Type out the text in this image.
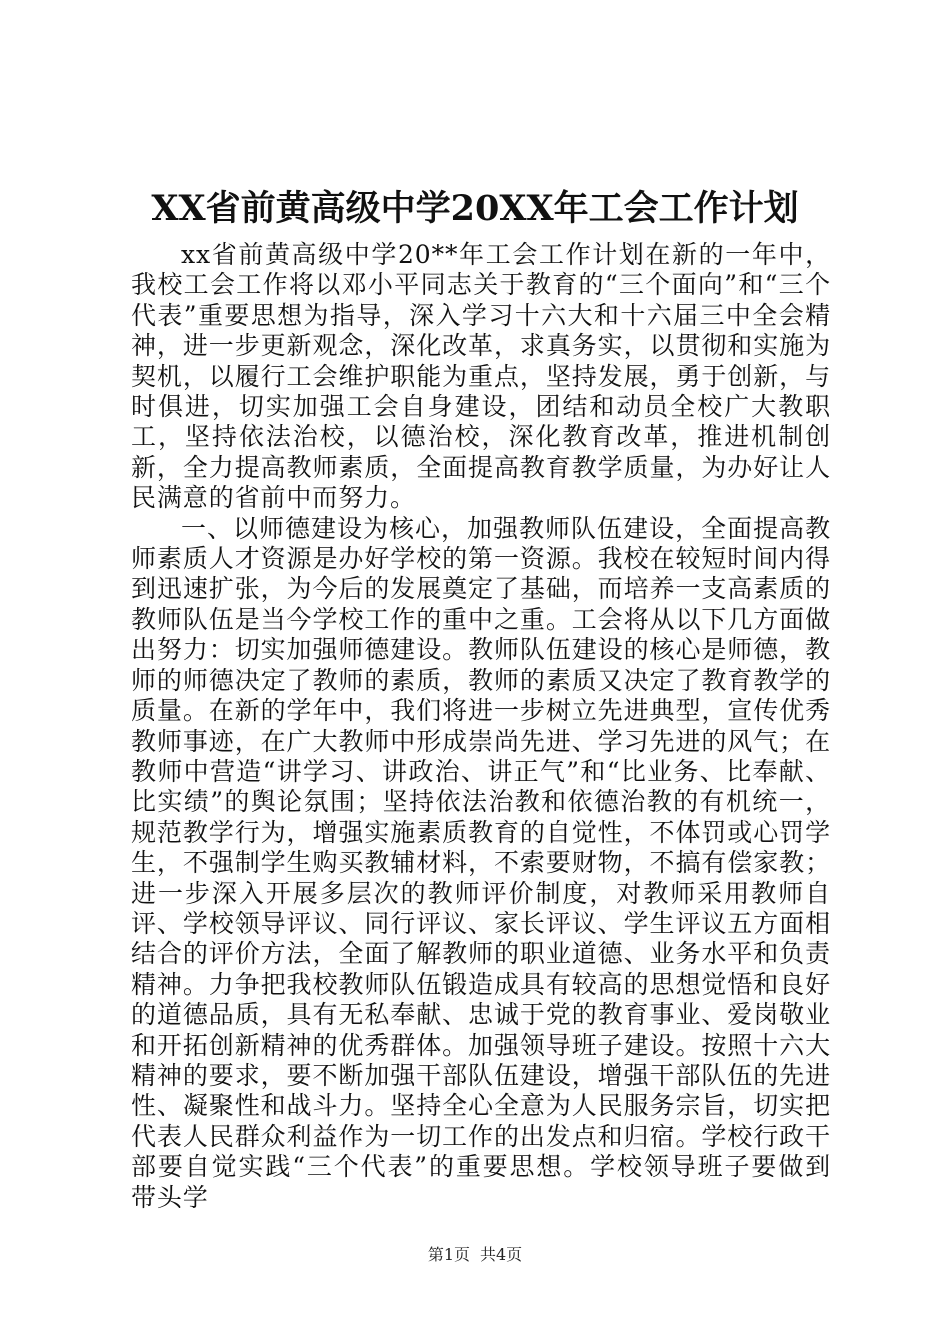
XX省前黄高级中学20XX年工会工作计划

xx省前黄高级中学20**年工会工作计划在新的一年中，我校工会工作将以邓小平同志关于教育的“三个面向”和“三个代表”重要思想为指导，深入学习十六大和十六届三中全会精神，进一步更新观念，深化改革，求真务实，以贯彻和实施为契机，以履行工会维护职能为重点，坚持发展，勇于创新，与时俱进，切实加强工会自身建设，团结和动员全校广大教职工，坚持依法治校，以德治校，深化教育改革，推进机制创新，全力提高教师素质，全面提高教育教学质量，为办好让人民满意的省前中而努力。

一、以师德建设为核心，加强教师队伍建设，全面提高教师素质人才资源是办好学校的第一资源。我校在较短时间内得到迅速扩张，为今后的发展奠定了基础，而培养一支高素质的教师队伍是当今学校工作的重中之重。工会将从以下几方面做出努力：切实加强师德建设。教师队伍建设的核心是师德，教师的师德决定了教师的素质，教师的素质又决定了教育教学的质量。在新的学年中，我们将进一步树立先进典型，宣传优秀教师事迹，在广大教师中形成崇尚先进、学习先进的风气；在教师中营造“讲学习、讲政治、讲正气”和“比业务、比奉献、比实绩”的舆论氛围；坚持依法治教和依德治教的有机统一，规范教学行为，增强实施素质教育的自觉性，不体罚或心罚学生，不强制学生购买教辅材料，不索要财物，不搞有偿家教；进一步深入开展多层次的教师评价制度，对教师采用教师自评、学校领导评议、同行评议、家长评议、学生评议五方面相结合的评价方法，全面了解教师的职业道德、业务水平和负责精神。力争把我校教师队伍锻造成具有较高的思想觉悟和良好的道德品质，具有无私奉献、忠诚于党的教育事业、爱岗敬业和开拓创新精神的优秀群体。加强领导班子建设。按照十六大精神的要求，要不断加强干部队伍建设，增强干部队伍的先进性、凝聚性和战斗力。坚持全心全意为人民服务宗旨，切实把代表人民群众利益作为一切工作的出发点和归宿。学校行政干部要自觉实践“三个代表”的重要思想。学校领导班子要做到带头学

第1页 共4页
